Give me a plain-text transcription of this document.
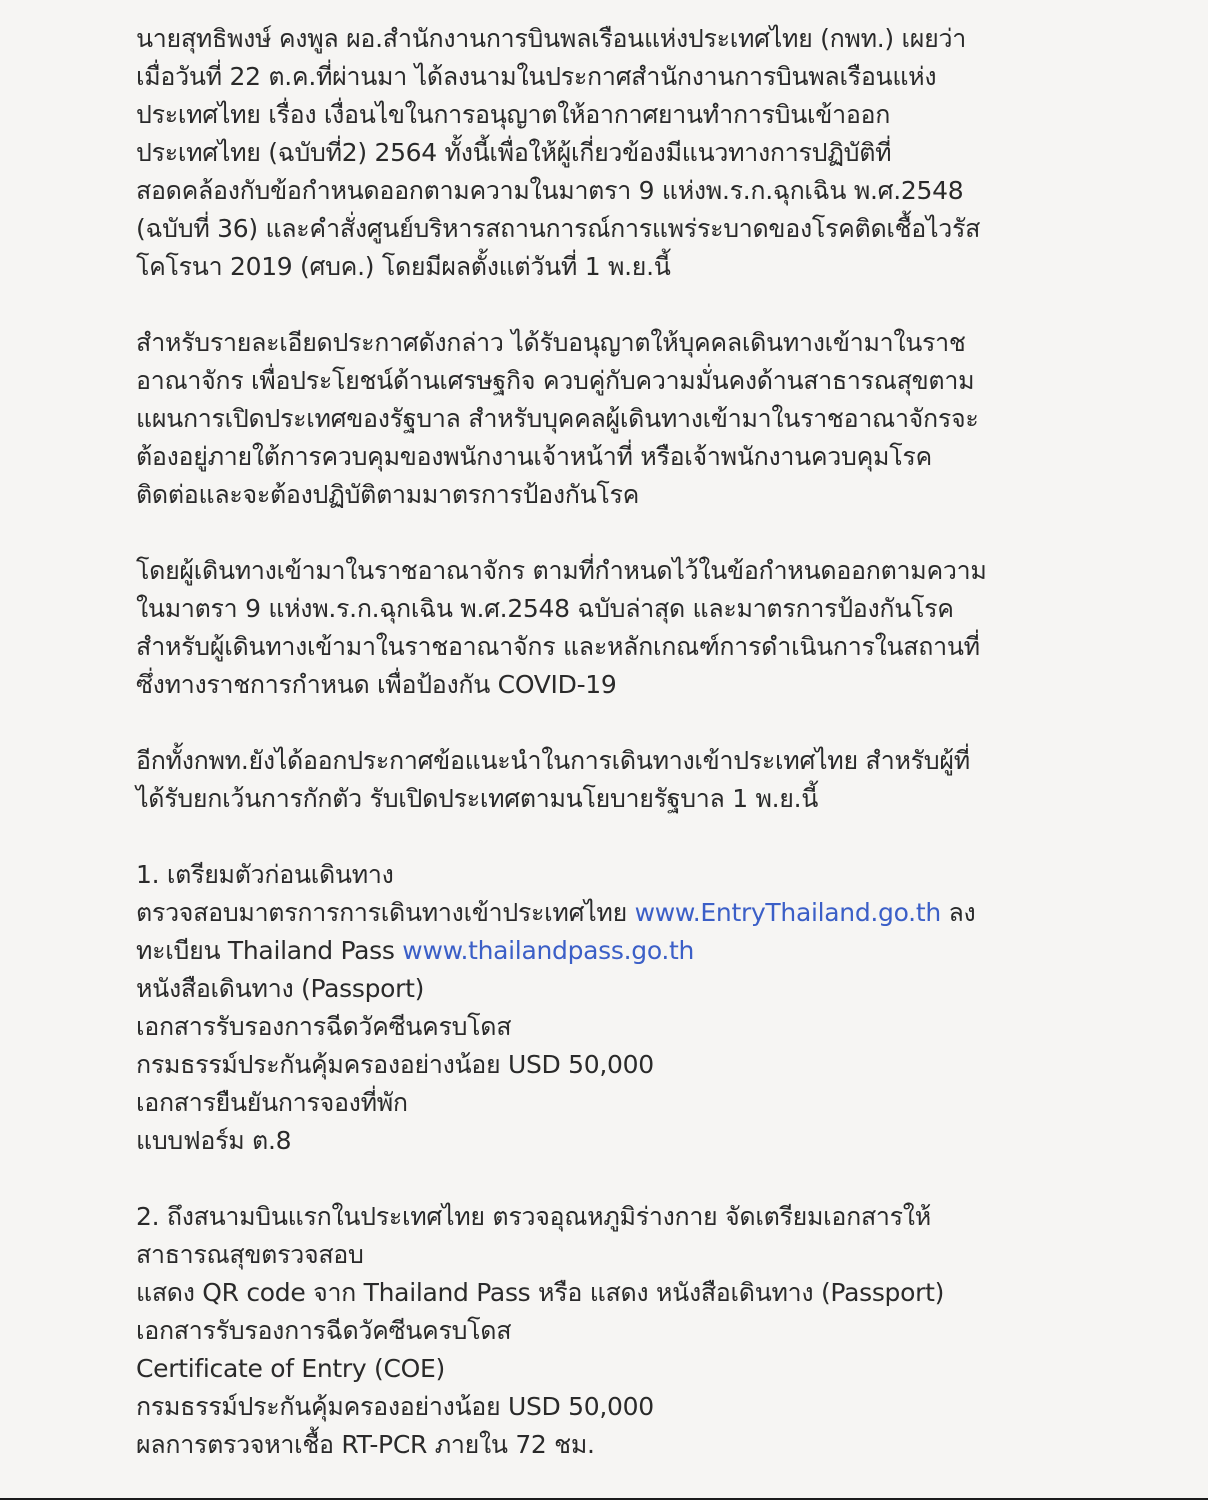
นายสุทธิพงษ์ คงพูล ผอ.สำนักงานการบินพลเรือนแห่งประเทศไทย (กพท.) เผยว่า
เมื่อวันที่ 22 ต.ค.ที่ผ่านมา ได้ลงนามในประกาศสำนักงานการบินพลเรือนแห่ง
ประเทศไทย เรื่อง เงื่อนไขในการอนุญาตให้อากาศยานทำการบินเข้าออก
ประเทศไทย (ฉบับที่2) 2564 ทั้งนี้เพื่อให้ผู้เกี่ยวข้องมีแนวทางการปฏิบัติที่
สอดคล้องกับข้อกำหนดออกตามความในมาตรา 9 แห่งพ.ร.ก.ฉุกเฉิน พ.ศ.2548
(ฉบับที่ 36) และคำสั่งศูนย์บริหารสถานการณ์การแพร่ระบาดของโรคติดเชื้อไวรัส
โคโรนา 2019 (ศบค.) โดยมีผลตั้งแต่วันที่ 1 พ.ย.นี้

สำหรับรายละเอียดประกาศดังกล่าว ได้รับอนุญาตให้บุคคลเดินทางเข้ามาในราช
อาณาจักร เพื่อประโยชน์ด้านเศรษฐกิจ ควบคู่กับความมั่นคงด้านสาธารณสุขตาม
แผนการเปิดประเทศของรัฐบาล สำหรับบุคคลผู้เดินทางเข้ามาในราชอาณาจักรจะ
ต้องอยู่ภายใต้การควบคุมของพนักงานเจ้าหน้าที่ หรือเจ้าพนักงานควบคุมโรค
ติดต่อและจะต้องปฏิบัติตามมาตรการป้องกันโรค

โดยผู้เดินทางเข้ามาในราชอาณาจักร ตามที่กำหนดไว้ในข้อกำหนดออกตามความ
ในมาตรา 9 แห่งพ.ร.ก.ฉุกเฉิน พ.ศ.2548 ฉบับล่าสุด และมาตรการป้องกันโรค
สำหรับผู้เดินทางเข้ามาในราชอาณาจักร และหลักเกณฑ์การดำเนินการในสถานที่
ซึ่งทางราชการกำหนด เพื่อป้องกัน COVID-19

อีกทั้งกพท.ยังได้ออกประกาศข้อแนะนำในการเดินทางเข้าประเทศไทย สำหรับผู้ที่
ได้รับยกเว้นการกักตัว รับเปิดประเทศตามนโยบายรัฐบาล 1 พ.ย.นี้

1. เตรียมตัวก่อนเดินทาง
ตรวจสอบมาตรการการเดินทางเข้าประเทศไทย www.EntryThailand.go.th ลง
ทะเบียน Thailand Pass www.thailandpass.go.th
หนังสือเดินทาง (Passport)
เอกสารรับรองการฉีดวัคซีนครบโดส
กรมธรรม์ประกันคุ้มครองอย่างน้อย USD 50,000
เอกสารยืนยันการจองที่พัก
แบบฟอร์ม ต.8
2. ถึงสนามบินแรกในประเทศไทย ตรวจอุณหภูมิร่างกาย จัดเตรียมเอกสารให้
สาธารณสุขตรวจสอบ
แสดง QR code จาก Thailand Pass หรือ แสดง หนังสือเดินทาง (Passport)
เอกสารรับรองการฉีดวัคซีนครบโดส
Certificate of Entry (COE)
กรมธรรม์ประกันคุ้มครองอย่างน้อย USD 50,000
ผลการตรวจหาเชื้อ RT-PCR ภายใน 72 ชม.
